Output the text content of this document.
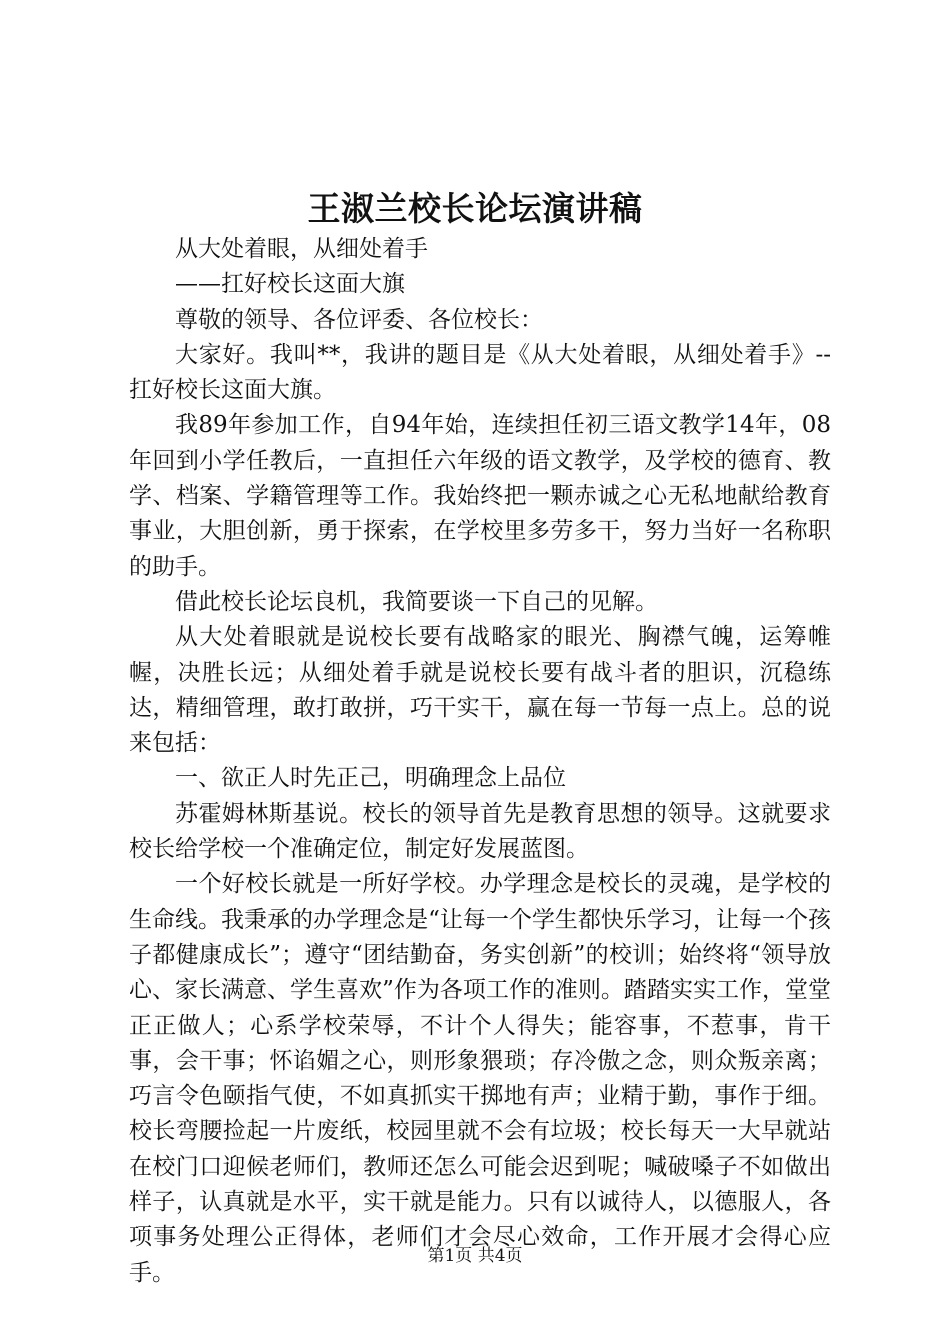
王淑兰校长论坛演讲稿

从大处着眼，从细处着手

——扛好校长这面大旗

尊敬的领导、各位评委、各位校长：

大家好。我叫**，我讲的题目是《从大处着眼，从细处着手》--扛好校长这面大旗。

我89年参加工作，自94年始，连续担任初三语文教学14年，08年回到小学任教后，一直担任六年级的语文教学，及学校的德育、教学、档案、学籍管理等工作。我始终把一颗赤诚之心无私地献给教育事业，大胆创新，勇于探索，在学校里多劳多干，努力当好一名称职的助手。

借此校长论坛良机，我简要谈一下自己的见解。

从大处着眼就是说校长要有战略家的眼光、胸襟气魄，运筹帷幄，决胜长远；从细处着手就是说校长要有战斗者的胆识，沉稳练达，精细管理，敢打敢拼，巧干实干，赢在每一节每一点上。总的说来包括：

一、欲正人时先正己，明确理念上品位

苏霍姆林斯基说。校长的领导首先是教育思想的领导。这就要求校长给学校一个准确定位，制定好发展蓝图。

一个好校长就是一所好学校。办学理念是校长的灵魂，是学校的生命线。我秉承的办学理念是“让每一个学生都快乐学习，让每一个孩子都健康成长”；遵守“团结勤奋，务实创新”的校训；始终将“领导放心、家长满意、学生喜欢”作为各项工作的准则。踏踏实实工作，堂堂正正做人；心系学校荣辱，不计个人得失；能容事，不惹事，肯干事，会干事；怀谄媚之心，则形象猥琐；存冷傲之念，则众叛亲离；巧言令色颐指气使，不如真抓实干掷地有声；业精于勤，事作于细。校长弯腰捡起一片废纸，校园里就不会有垃圾；校长每天一大早就站在校门口迎候老师们，教师还怎么可能会迟到呢；喊破嗓子不如做出样子，认真就是水平，实干就是能力。只有以诚待人，以德服人，各项事务处理公正得体，老师们才会尽心效命，工作开展才会得心应手。

第1页 共4页
